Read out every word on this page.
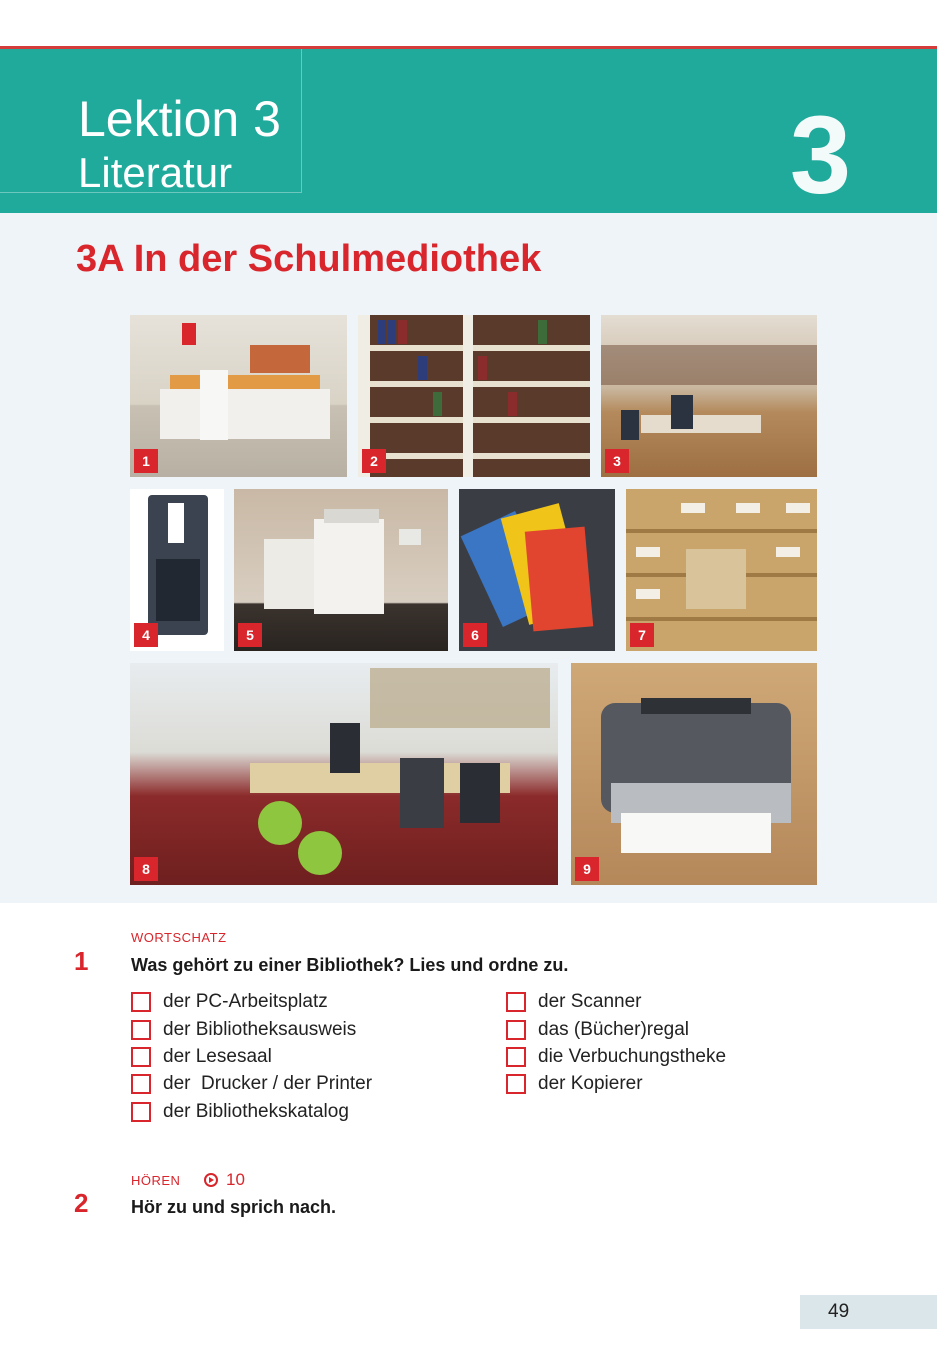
Lektion 3
Literatur	3
3A In der Schulmediothek
1	2	3
4	5	6	7
8	9
WORTSCHATZ
1 Was gehört zu einer Bibliothek? Lies und ordne zu.
der PC-Arbeitsplatz
der Bibliotheksausweis
der Lesesaal
der  Drucker / der Printer
der Bibliothekskatalog
der Scanner
das (Bücher)regal
die Verbuchungstheke
der Kopierer
HÖREN	10
2 Hör zu und sprich nach.
49
